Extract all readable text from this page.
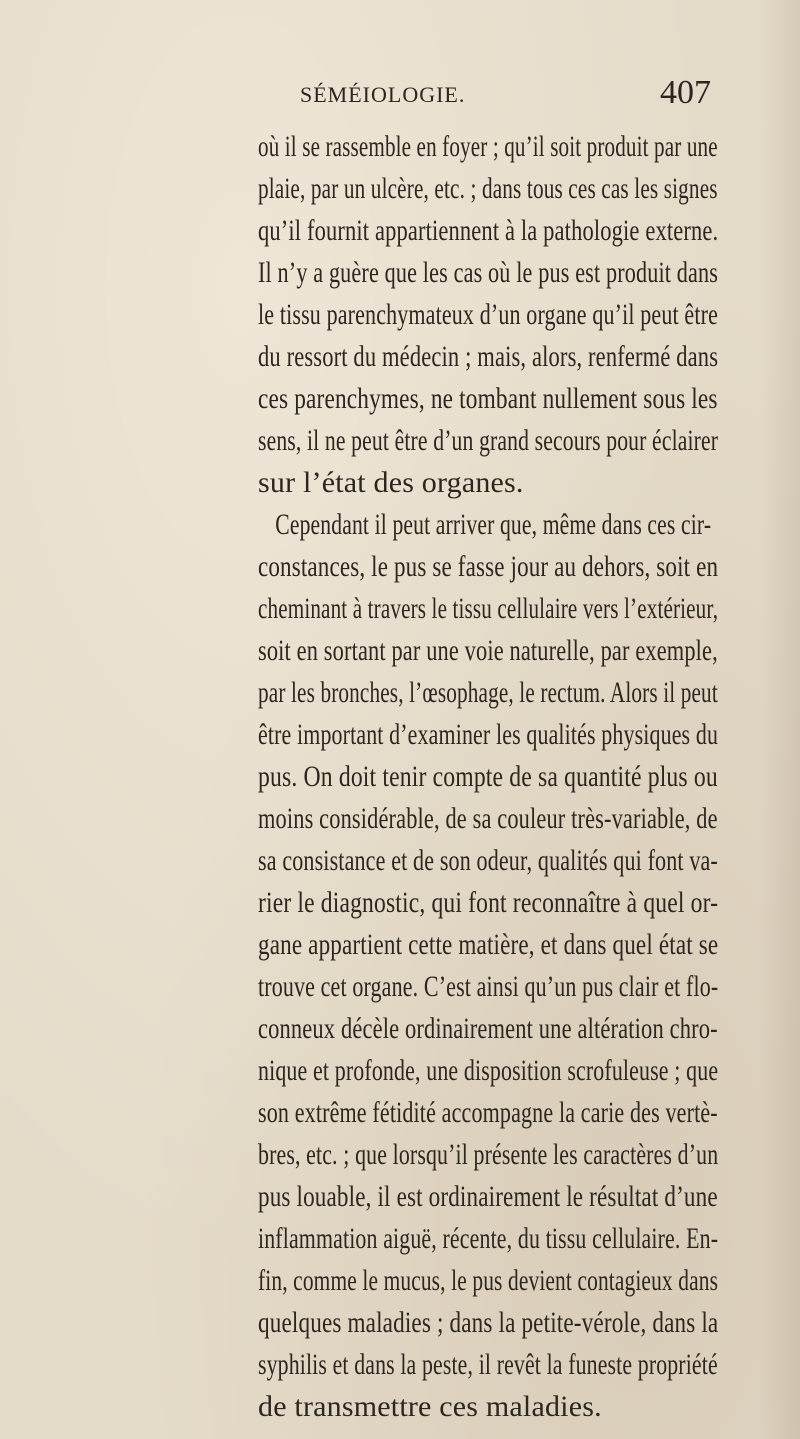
SÉMÉIOLOGIE.	407
où il se rassemble en foyer ; qu’il soit produit par une
plaie, par un ulcère, etc. ; dans tous ces cas les signes
qu’il fournit appartiennent à la pathologie externe.
Il n’y a guère que les cas où le pus est produit dans
le tissu parenchymateux d’un organe qu’il peut être
du ressort du médecin ; mais, alors, renfermé dans
ces parenchymes, ne tombant nullement sous les
sens, il ne peut être d’un grand secours pour éclairer
sur l’état des organes.
Cependant il peut arriver que, même dans ces cir-
constances, le pus se fasse jour au dehors, soit en
cheminant à travers le tissu cellulaire vers l’extérieur,
soit en sortant par une voie naturelle, par exemple,
par les bronches, l’œsophage, le rectum. Alors il peut
être important d’examiner les qualités physiques du
pus. On doit tenir compte de sa quantité plus ou
moins considérable, de sa couleur très-variable, de
sa consistance et de son odeur, qualités qui font va-
rier le diagnostic, qui font reconnaître à quel or-
gane appartient cette matière, et dans quel état se
trouve cet organe. C’est ainsi qu’un pus clair et flo-
conneux décèle ordinairement une altération chro-
nique et profonde, une disposition scrofuleuse ; que
son extrême fétidité accompagne la carie des vertè-
bres, etc. ; que lorsqu’il présente les caractères d’un
pus louable, il est ordinairement le résultat d’une
inflammation aiguë, récente, du tissu cellulaire. En-
fin, comme le mucus, le pus devient contagieux dans
quelques maladies ; dans la petite-vérole, dans la
syphilis et dans la peste, il revêt la funeste propriété
de transmettre ces maladies.
